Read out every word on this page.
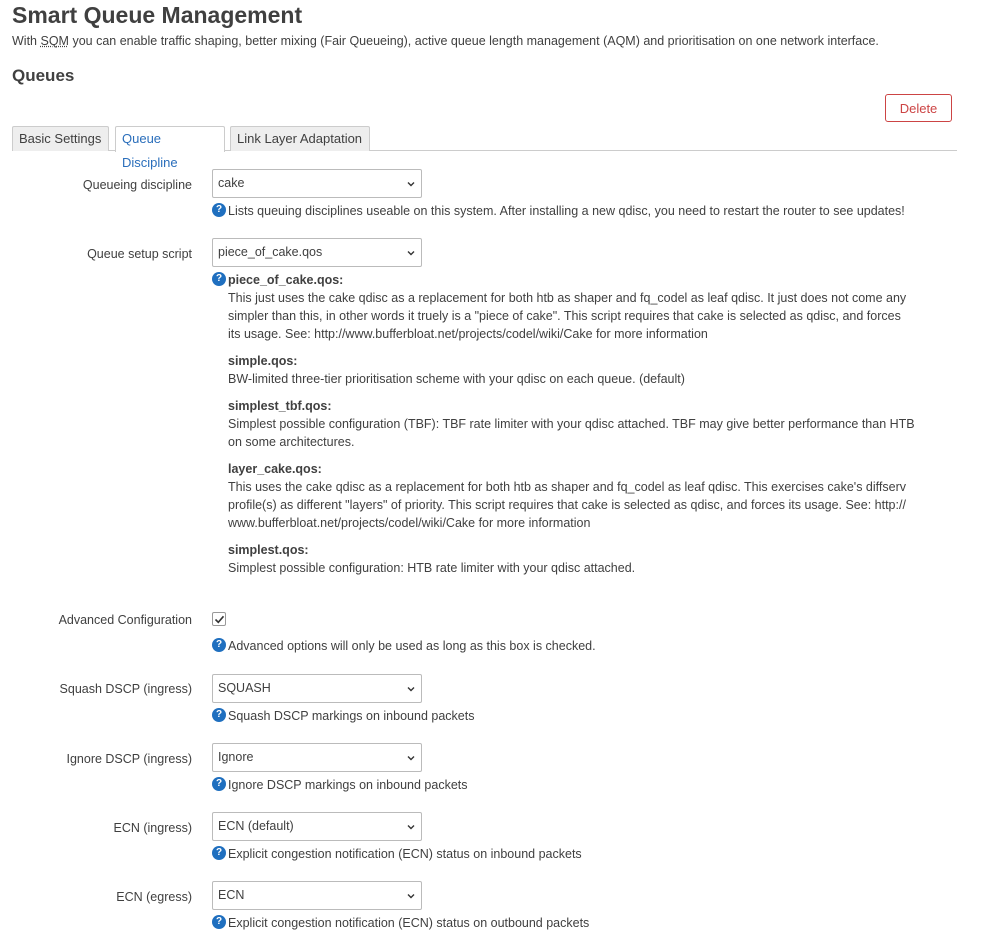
Smart Queue Management
With SQM you can enable traffic shaping, better mixing (Fair Queueing), active queue length management (AQM) and prioritisation on one network interface.
Queues
Delete
Basic Settings	Queue Discipline
Link Layer Adaptation
Queueing discipline	cake
? Lists queuing disciplines useable on this system. After installing a new qdisc, you need to restart the router to see updates!
Queue setup script	piece_of_cake.qos
? piece_of_cake.qos:
This just uses the cake qdisc as a replacement for both htb as shaper and fq_codel as leaf qdisc. It just does not come any
simpler than this, in other words it truely is a "piece of cake". This script requires that cake is selected as qdisc, and forces
its usage. See: http://www.bufferbloat.net/projects/codel/wiki/Cake for more information
simple.qos:
BW-limited three-tier prioritisation scheme with your qdisc on each queue. (default)
simplest_tbf.qos:
Simplest possible configuration (TBF): TBF rate limiter with your qdisc attached. TBF may give better performance than HTB
on some architectures.
layer_cake.qos:
This uses the cake qdisc as a replacement for both htb as shaper and fq_codel as leaf qdisc. This exercises cake's diffserv
profile(s) as different "layers" of priority. This script requires that cake is selected as qdisc, and forces its usage. See: http://
www.bufferbloat.net/projects/codel/wiki/Cake for more information
simplest.qos:
Simplest possible configuration: HTB rate limiter with your qdisc attached.
Advanced Configuration
? Advanced options will only be used as long as this box is checked.
Squash DSCP (ingress)	SQUASH
? Squash DSCP markings on inbound packets
Ignore DSCP (ingress)	Ignore
? Ignore DSCP markings on inbound packets
ECN (ingress)	ECN (default)
? Explicit congestion notification (ECN) status on inbound packets
ECN (egress)	ECN
? Explicit congestion notification (ECN) status on outbound packets
